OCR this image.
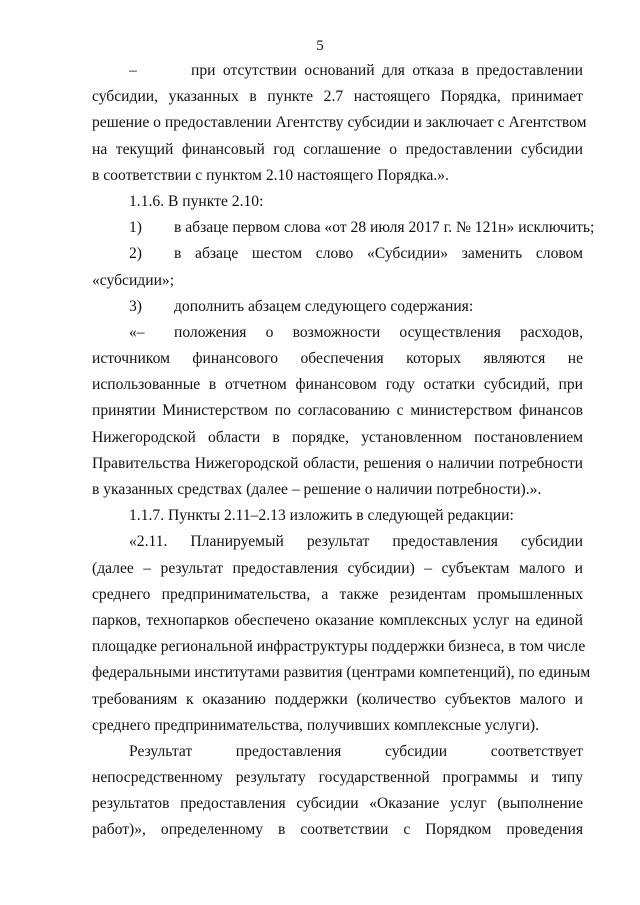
5
–	при отсутствии оснований для отказа в предоставлении
субсидии, указанных в пункте 2.7 настоящего Порядка, принимает
решение о предоставлении Агентству субсидии и заключает с Агентством
на текущий финансовый год соглашение о предоставлении субсидии
в соответствии с пунктом 2.10 настоящего Порядка.».
1.1.6. В пункте 2.10:
1) в абзаце первом слова «от 28 июля 2017 г. № 121н» исключить;
2)	в абзаце шестом слово «Субсидии» заменить словом
«субсидии»;
3) дополнить абзацем следующего содержания:
«–	положения о возможности осуществления расходов,
источником финансового обеспечения которых являются не
использованные в отчетном финансовом году остатки субсидий, при
принятии Министерством по согласованию с министерством финансов
Нижегородской области в порядке, установленном постановлением
Правительства Нижегородской области, решения о наличии потребности
в указанных средствах (далее – решение о наличии потребности).».
1.1.7. Пункты 2.11–2.13 изложить в следующей редакции:
«2.11. Планируемый результат предоставления субсидии
(далее – результат предоставления субсидии) – субъектам малого и
среднего предпринимательства, а также резидентам промышленных
парков, технопарков обеспечено оказание комплексных услуг на единой
площадке региональной инфраструктуры поддержки бизнеса, в том числе
федеральными институтами развития (центрами компетенций), по единым
требованиям к оказанию поддержки (количество субъектов малого и
среднего предпринимательства, получивших комплексные услуги).
Результат предоставления субсидии соответствует
непосредственному результату государственной программы и типу
результатов предоставления субсидии «Оказание услуг (выполнение
работ)», определенному в соответствии с Порядком проведения
